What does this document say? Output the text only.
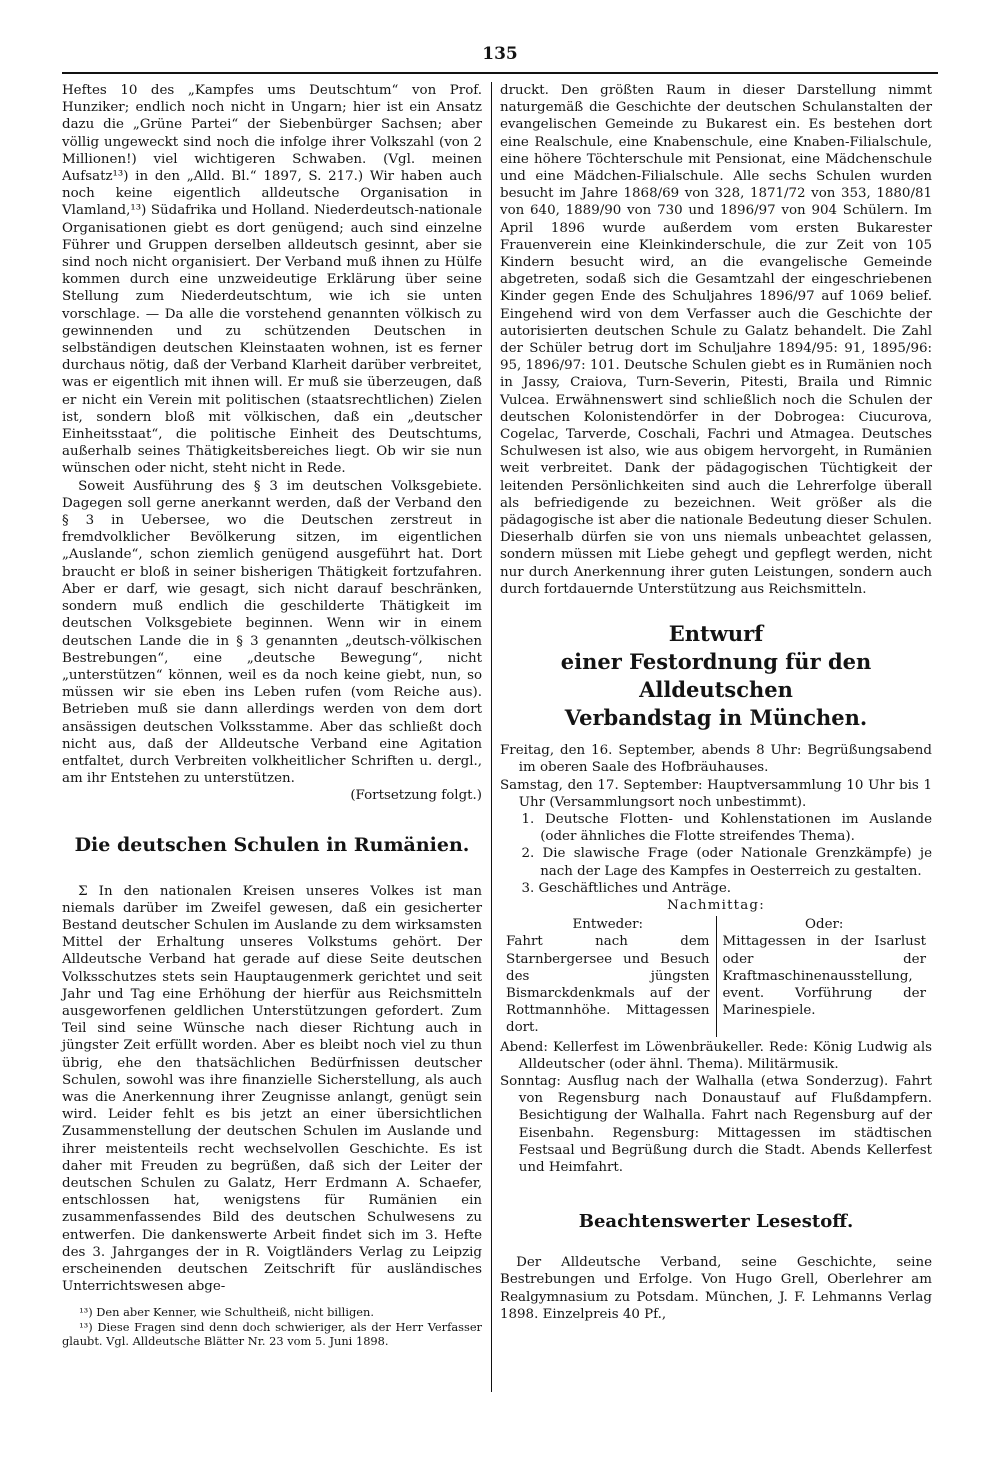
135

Heftes 10 des „Kampfes ums Deutschtum“ von Prof. Hunziker; endlich noch nicht in Ungarn; hier ist ein Ansatz dazu die „Grüne Partei“ der Siebenbürger Sachsen; aber völlig ungeweckt sind noch die infolge ihrer Volkszahl (von 2 Millionen!) viel wichtigeren Schwaben. (Vgl. meinen Aufsatz¹³) in den „Alld. Bl.“ 1897, S. 217.) Wir haben auch noch keine eigentlich alldeutsche Organisation in Vlamland,¹³) Südafrika und Holland. Niederdeutsch-nationale Organisationen giebt es dort genügend; auch sind einzelne Führer und Gruppen derselben alldeutsch gesinnt, aber sie sind noch nicht organisiert. Der Verband muß ihnen zu Hülfe kommen durch eine unzweideutige Erklärung über seine Stellung zum Niederdeutschtum, wie ich sie unten vorschlage. — Da alle die vorstehend genannten völkisch zu gewinnenden und zu schützenden Deutschen in selbständigen deutschen Kleinstaaten wohnen, ist es ferner durchaus nötig, daß der Verband Klarheit darüber verbreitet, was er eigentlich mit ihnen will. Er muß sie überzeugen, daß er nicht ein Verein mit politischen (staatsrechtlichen) Zielen ist, sondern bloß mit völkischen, daß ein „deutscher Einheitsstaat“, die politische Einheit des Deutschtums, außerhalb seines Thätigkeitsbereiches liegt. Ob wir sie nun wünschen oder nicht, steht nicht in Rede.

Soweit Ausführung des § 3 im deutschen Volksgebiete. Dagegen soll gerne anerkannt werden, daß der Verband den § 3 in Uebersee, wo die Deutschen zerstreut in fremdvolklicher Bevölkerung sitzen, im eigentlichen „Auslande“, schon ziemlich genügend ausgeführt hat. Dort braucht er bloß in seiner bisherigen Thätigkeit fortzufahren. Aber er darf, wie gesagt, sich nicht darauf beschränken, sondern muß endlich die geschilderte Thätigkeit im deutschen Volksgebiete beginnen. Wenn wir in einem deutschen Lande die in § 3 genannten „deutsch-völkischen Bestrebungen“, eine „deutsche Bewegung“, nicht „unterstützen“ können, weil es da noch keine giebt, nun, so müssen wir sie eben ins Leben rufen (vom Reiche aus). Betrieben muß sie dann allerdings werden von dem dort ansässigen deutschen Volksstamme. Aber das schließt doch nicht aus, daß der Alldeutsche Verband eine Agitation entfaltet, durch Verbreiten volkheitlicher Schriften u. dergl., am ihr Entstehen zu unterstützen.

(Fortsetzung folgt.)
Die deutschen Schulen in Rumänien.

Σ In den nationalen Kreisen unseres Volkes ist man niemals darüber im Zweifel gewesen, daß ein gesicherter Bestand deutscher Schulen im Auslande zu dem wirksamsten Mittel der Erhaltung unseres Volkstums gehört. Der Alldeutsche Verband hat gerade auf diese Seite deutschen Volksschutzes stets sein Hauptaugenmerk gerichtet und seit Jahr und Tag eine Erhöhung der hierfür aus Reichsmitteln ausgeworfenen geldlichen Unterstützungen gefordert. Zum Teil sind seine Wünsche nach dieser Richtung auch in jüngster Zeit erfüllt worden. Aber es bleibt noch viel zu thun übrig, ehe den thatsächlichen Bedürfnissen deutscher Schulen, sowohl was ihre finanzielle Sicherstellung, als auch was die Anerkennung ihrer Zeugnisse anlangt, genügt sein wird. Leider fehlt es bis jetzt an einer übersichtlichen Zusammenstellung der deutschen Schulen im Auslande und ihrer meistenteils recht wechselvollen Geschichte. Es ist daher mit Freuden zu begrüßen, daß sich der Leiter der deutschen Schulen zu Galatz, Herr Erdmann A. Schaefer, entschlossen hat, wenigstens für Rumänien ein zusammenfassendes Bild des deutschen Schulwesens zu entwerfen. Die dankenswerte Arbeit findet sich im 3. Hefte des 3. Jahrganges der in R. Voigtländers Verlag zu Leipzig erscheinenden deutschen Zeitschrift für ausländisches Unterrichtswesen abge-

¹³) Den aber Kenner, wie Schultheiß, nicht billigen.

¹³) Diese Fragen sind denn doch schwieriger, als der Herr Verfasser glaubt. Vgl. Alldeutsche Blätter Nr. 23 vom 5. Juni 1898.

druckt. Den größten Raum in dieser Darstellung nimmt naturgemäß die Geschichte der deutschen Schulanstalten der evangelischen Gemeinde zu Bukarest ein. Es bestehen dort eine Realschule, eine Knabenschule, eine Knaben-Filialschule, eine höhere Töchterschule mit Pensionat, eine Mädchenschule und eine Mädchen-Filialschule. Alle sechs Schulen wurden besucht im Jahre 1868/69 von 328, 1871/72 von 353, 1880/81 von 640, 1889/90 von 730 und 1896/97 von 904 Schülern. Im April 1896 wurde außerdem vom ersten Bukarester Frauenverein eine Kleinkinderschule, die zur Zeit von 105 Kindern besucht wird, an die evangelische Gemeinde abgetreten, sodaß sich die Gesamtzahl der eingeschriebenen Kinder gegen Ende des Schuljahres 1896/97 auf 1069 belief. Eingehend wird von dem Verfasser auch die Geschichte der autorisierten deutschen Schule zu Galatz behandelt. Die Zahl der Schüler betrug dort im Schuljahre 1894/95: 91, 1895/96: 95, 1896/97: 101. Deutsche Schulen giebt es in Rumänien noch in Jassy, Craiova, Turn-Severin, Pitesti, Braila und Rimnic Vulcea. Erwähnenswert sind schließlich noch die Schulen der deutschen Kolonistendörfer in der Dobrogea: Ciucurova, Cogelac, Tarverde, Coschali, Fachri und Atmagea. Deutsches Schulwesen ist also, wie aus obigem hervorgeht, in Rumänien weit verbreitet. Dank der pädagogischen Tüchtigkeit der leitenden Persönlichkeiten sind auch die Lehrerfolge überall als befriedigende zu bezeichnen. Weit größer als die pädagogische ist aber die nationale Bedeutung dieser Schulen. Dieserhalb dürfen sie von uns niemals unbeachtet gelassen, sondern müssen mit Liebe gehegt und gepflegt werden, nicht nur durch Anerkennung ihrer guten Leistungen, sondern auch durch fortdauernde Unterstützung aus Reichsmitteln.

Entwurf
einer Festordnung für den Alldeutschen
Verbandstag in München.

Freitag, den 16. September, abends 8 Uhr: Begrüßungsabend im oberen Saale des Hofbräuhauses.

Samstag, den 17. September: Hauptversammlung 10 Uhr bis 1 Uhr (Versammlungsort noch unbestimmt).

1. Deutsche Flotten- und Kohlenstationen im Auslande (oder ähnliches die Flotte streifendes Thema).

2. Die slawische Frage (oder Nationale Grenzkämpfe) je nach der Lage des Kampfes in Oesterreich zu gestalten.

3. Geschäftliches und Anträge.

Nachmittag:

Entweder:
Fahrt nach dem Starnbergersee und Besuch des jüngsten Bismarckdenkmals auf der Rottmannhöhe. Mittagessen dort.
Oder:
Mittagessen in der Isarlust oder der Kraftmaschinenausstellung, event. Vorführung der Marinespiele.

Abend: Kellerfest im Löwenbräukeller. Rede: König Ludwig als Alldeutscher (oder ähnl. Thema). Militärmusik.

Sonntag: Ausflug nach der Walhalla (etwa Sonderzug). Fahrt von Regensburg nach Donaustauf auf Flußdampfern. Besichtigung der Walhalla. Fahrt nach Regensburg auf der Eisenbahn. Regensburg: Mittagessen im städtischen Festsaal und Begrüßung durch die Stadt. Abends Kellerfest und Heimfahrt.

Beachtenswerter Lesestoff.

Der Alldeutsche Verband, seine Geschichte, seine Bestrebungen und Erfolge. Von Hugo Grell, Oberlehrer am Realgymnasium zu Potsdam. München, J. F. Lehmanns Verlag 1898. Einzelpreis 40 Pf.,
